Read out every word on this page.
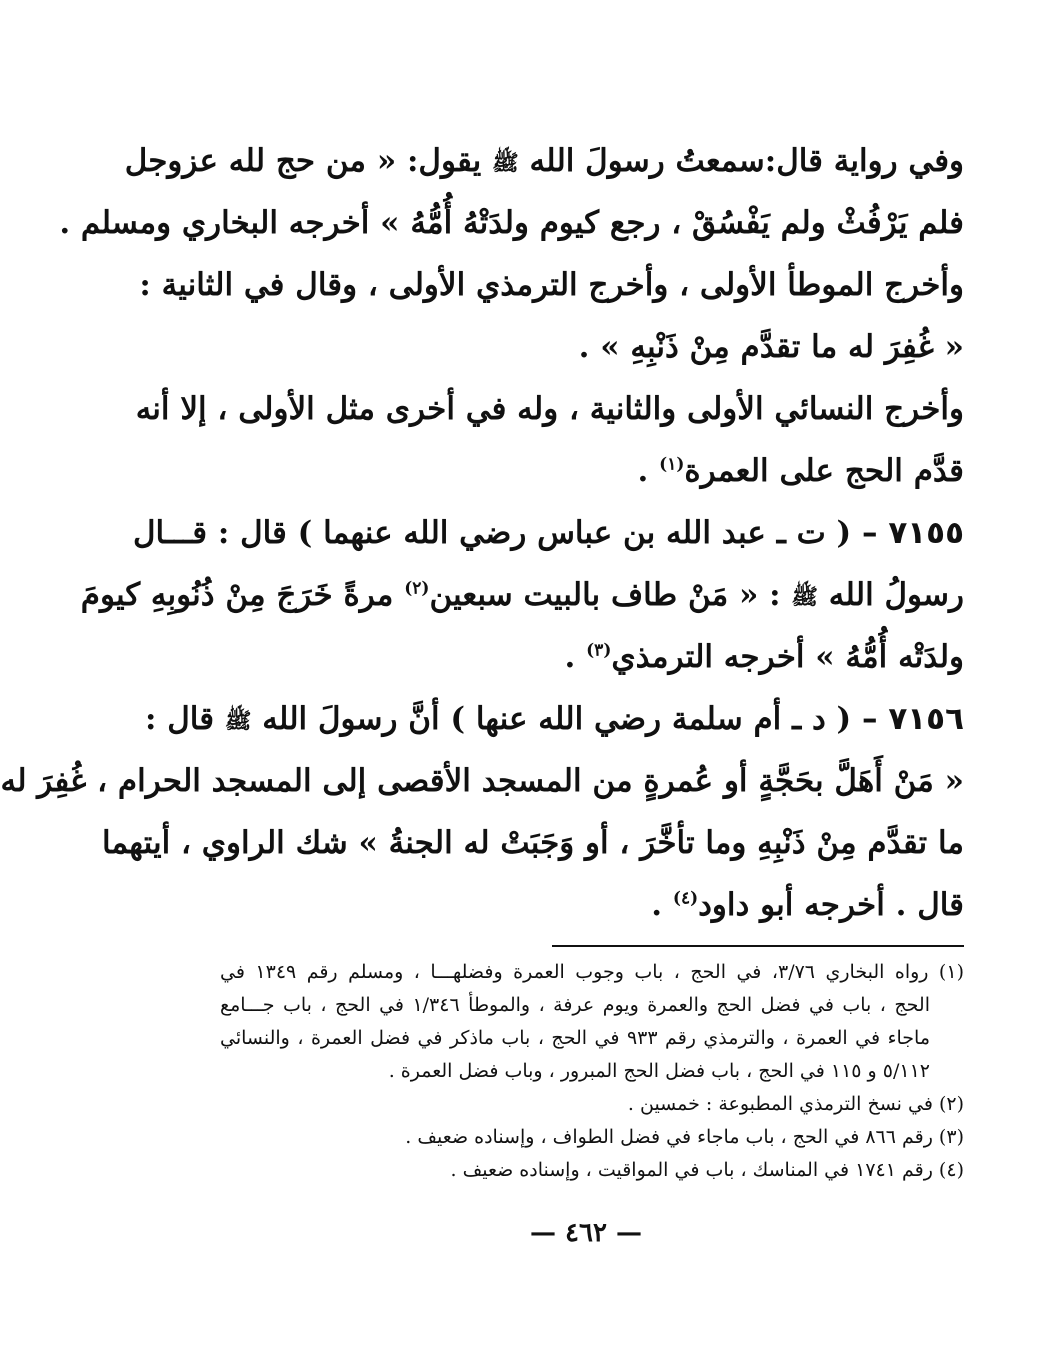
وفي رواية قال:سمعتُ رسولَ الله ﷺ يقول: « من حج لله عزوجل
فلم يَرْفُثْ ولم يَفْسُقْ ، رجع كيوم ولدَتْهُ أُمُّهُ » أخرجه البخاري ومسلم .
وأخرج الموطأ الأولى ، وأخرج الترمذي الأولى ، وقال في الثانية :
« غُفِرَ له ما تقدَّم مِنْ ذَنْبِهِ » .
وأخرج النسائي الأولى والثانية ، وله في أخرى مثل الأولى ، إلا أنه
قدَّم الحج على العمرة$^{(١)}$ .
٧١٥٥ – ( ت ـ عبد الله بن عباس رضي الله عنهما ) قال : قـــال
رسولُ الله ﷺ : « مَنْ طاف بالبيت سبعين$^{(٢)}$ مرةً خَرَجَ مِنْ ذُنُوبِهِ كيومَ
ولدَتْه أُمُّهُ » أخرجه الترمذي$^{(٣)}$ .
٧١٥٦ – ( د ـ أم سلمة رضي الله عنها ) أنَّ رسولَ الله ﷺ قال :
« مَنْ أَهَلَّ بحَجَّةٍ أو عُمرةٍ من المسجد الأقصى إلى المسجد الحرام ، غُفِرَ له
ما تقدَّم مِنْ ذَنْبِهِ وما تأخَّرَ ، أو وَجَبَتْ له الجنةُ » شك الراوي ، أيتهما
قال . أخرجه أبو داود$^{(٤)}$ .
(١) رواه البخاري ٣/٧٦، في الحج ، باب وجوب العمرة وفضلهـــا ، ومسلم رقم ١٣٤٩ في
الحج ، باب في فضل الحج والعمرة ويوم عرفة ، والموطأ ١/٣٤٦ في الحج ، باب جـــامع
ماجاء في العمرة ، والترمذي رقم ٩٣٣ في الحج ، باب ماذكر في فضل العمرة ، والنسائي
٥/١١٢ و ١١٥ في الحج ، باب فضل الحج المبرور ، وباب فضل العمرة .
(٢) في نسخ الترمذي المطبوعة : خمسين .
(٣) رقم ٨٦٦ في الحج ، باب ماجاء في فضل الطواف ، وإسناده ضعيف .
(٤) رقم ١٧٤١ في المناسك ، باب في المواقيت ، وإسناده ضعيف .
— ٤٦٢ —
